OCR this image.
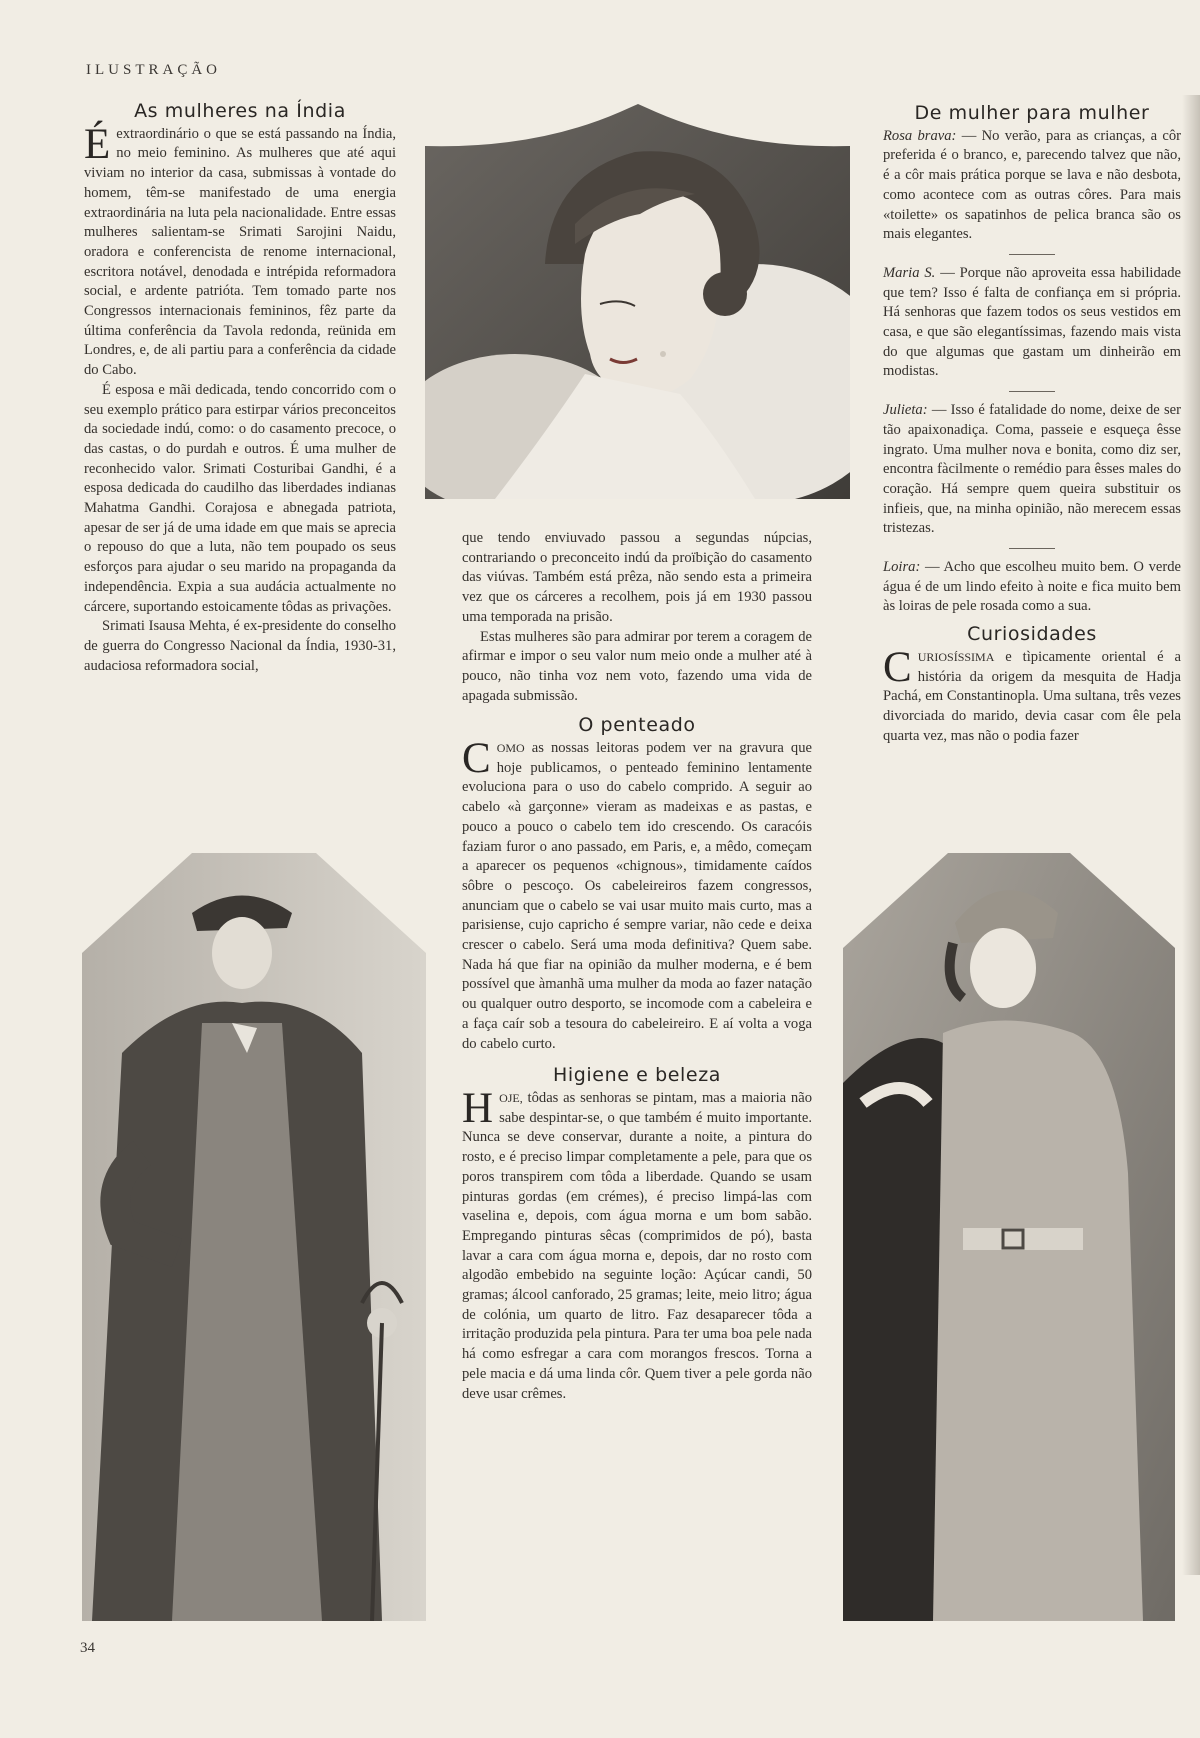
ILUSTRAÇÃO
As mulheres na Índia

Éextraordinário o que se está passando na Índia, no meio feminino. As mulheres que até aqui viviam no interior da casa, submissas à vontade do homem, têm-se manifestado de uma energia extraordinária na luta pela nacionalidade. Entre essas mulheres salientam-se Srimati Sarojini Naidu, oradora e conferencista de renome internacional, escritora notável, denodada e intrépida reformadora social, e ardente patrióta. Tem tomado parte nos Congressos internacionais femininos, fêz parte da última conferência da Tavola redonda, reünida em Londres, e, de ali partiu para a conferência da cidade do Cabo.

É esposa e mãi dedicada, tendo concorrido com o seu exemplo prático para estirpar vários preconceitos da sociedade indú, como: o do casamento precoce, o das castas, o do purdah e outros. É uma mulher de reconhecido valor. Srimati Costuribai Gandhi, é a esposa dedicada do caudilho das liberdades indianas Mahatma Gandhi. Corajosa e abnegada patriota, apesar de ser já de uma idade em que mais se aprecia o repouso do que a luta, não tem poupado os seus esforços para ajudar o seu marido na propaganda da independência. Expia a sua audácia actualmente no cárcere, suportando estoicamente tôdas as privações.

Srimati Isausa Mehta, é ex-presidente do conselho de guerra do Congresso Nacional da Índia, 1930-31, audaciosa reformadora social,

que tendo enviuvado passou a segundas núpcias, contrariando o preconceito indú da proïbição do casamento das viúvas. Também está prêza, não sendo esta a primeira vez que os cárceres a recolhem, pois já em 1930 passou uma temporada na prisão.

Estas mulheres são para admirar por terem a coragem de afirmar e impor o seu valor num meio onde a mulher até à pouco, não tinha voz nem voto, fazendo uma vida de apagada submissão.

O penteado

COMO as nossas leitoras podem ver na gravura que hoje publicamos, o penteado feminino lentamente evoluciona para o uso do cabelo comprido. A seguir ao cabelo «à garçonne» vieram as madeixas e as pastas, e pouco a pouco o cabelo tem ido crescendo. Os caracóis faziam furor o ano passado, em Paris, e, a mêdo, começam a aparecer os pequenos «chignous», timidamente caídos sôbre o pescoço. Os cabeleireiros fazem congressos, anunciam que o cabelo se vai usar muito mais curto, mas a parisiense, cujo capricho é sempre variar, não cede e deixa crescer o cabelo. Será uma moda definitiva? Quem sabe. Nada há que fiar na opinião da mulher moderna, e é bem possível que àmanhã uma mulher da moda ao fazer natação ou qualquer outro desporto, se incomode com a cabeleira e a faça caír sob a tesoura do cabeleireiro. E aí volta a voga do cabelo curto.

Higiene e beleza

HOJE, tôdas as senhoras se pintam, mas a maioria não sabe despintar-se, o que também é muito importante. Nunca se deve conservar, durante a noite, a pintura do rosto, e é preciso limpar completamente a pele, para que os poros transpirem com tôda a liberdade. Quando se usam pinturas gordas (em crémes), é preciso limpá-las com vaselina e, depois, com água morna e um bom sabão. Empregando pinturas sêcas (comprimidos de pó), basta lavar a cara com água morna e, depois, dar no rosto com algodão embebido na seguinte loção: Açúcar candi, 50 gramas; álcool canforado, 25 gramas; leite, meio litro; água de colónia, um quarto de litro. Faz desaparecer tôda a irritação produzida pela pintura. Para ter uma boa pele nada há como esfregar a cara com morangos frescos. Torna a pele macia e dá uma linda côr. Quem tiver a pele gorda não deve usar crêmes.

De mulher para mulher

Rosa brava: — No verão, para as crianças, a côr preferida é o branco, e, parecendo talvez que não, é a côr mais prática porque se lava e não desbota, como acontece com as outras côres. Para mais «toilette» os sapatinhos de pelica branca são os mais elegantes.

Maria S. — Porque não aproveita essa habilidade que tem? Isso é falta de confiança em si própria. Há senhoras que fazem todos os seus vestidos em casa, e que são elegantíssimas, fazendo mais vista do que algumas que gastam um dinheirão em modistas.

Julieta: — Isso é fatalidade do nome, deixe de ser tão apaixonadiça. Coma, passeie e esqueça êsse ingrato. Uma mulher nova e bonita, como diz ser, encontra fàcilmente o remédio para êsses males do coração. Há sempre quem queira substituir os infieis, que, na minha opinião, não merecem essas tristezas.

Loira: — Acho que escolheu muito bem. O verde água é de um lindo efeito à noite e fica muito bem às loiras de pele rosada como a sua.

Curiosidades

CURIOSÍSSIMA e tìpicamente oriental é a história da origem da mesquita de Hadja Pachá, em Constantinopla. Uma sultana, três vezes divorciada do marido, devia casar com êle pela quarta vez, mas não o podia fazer

34
